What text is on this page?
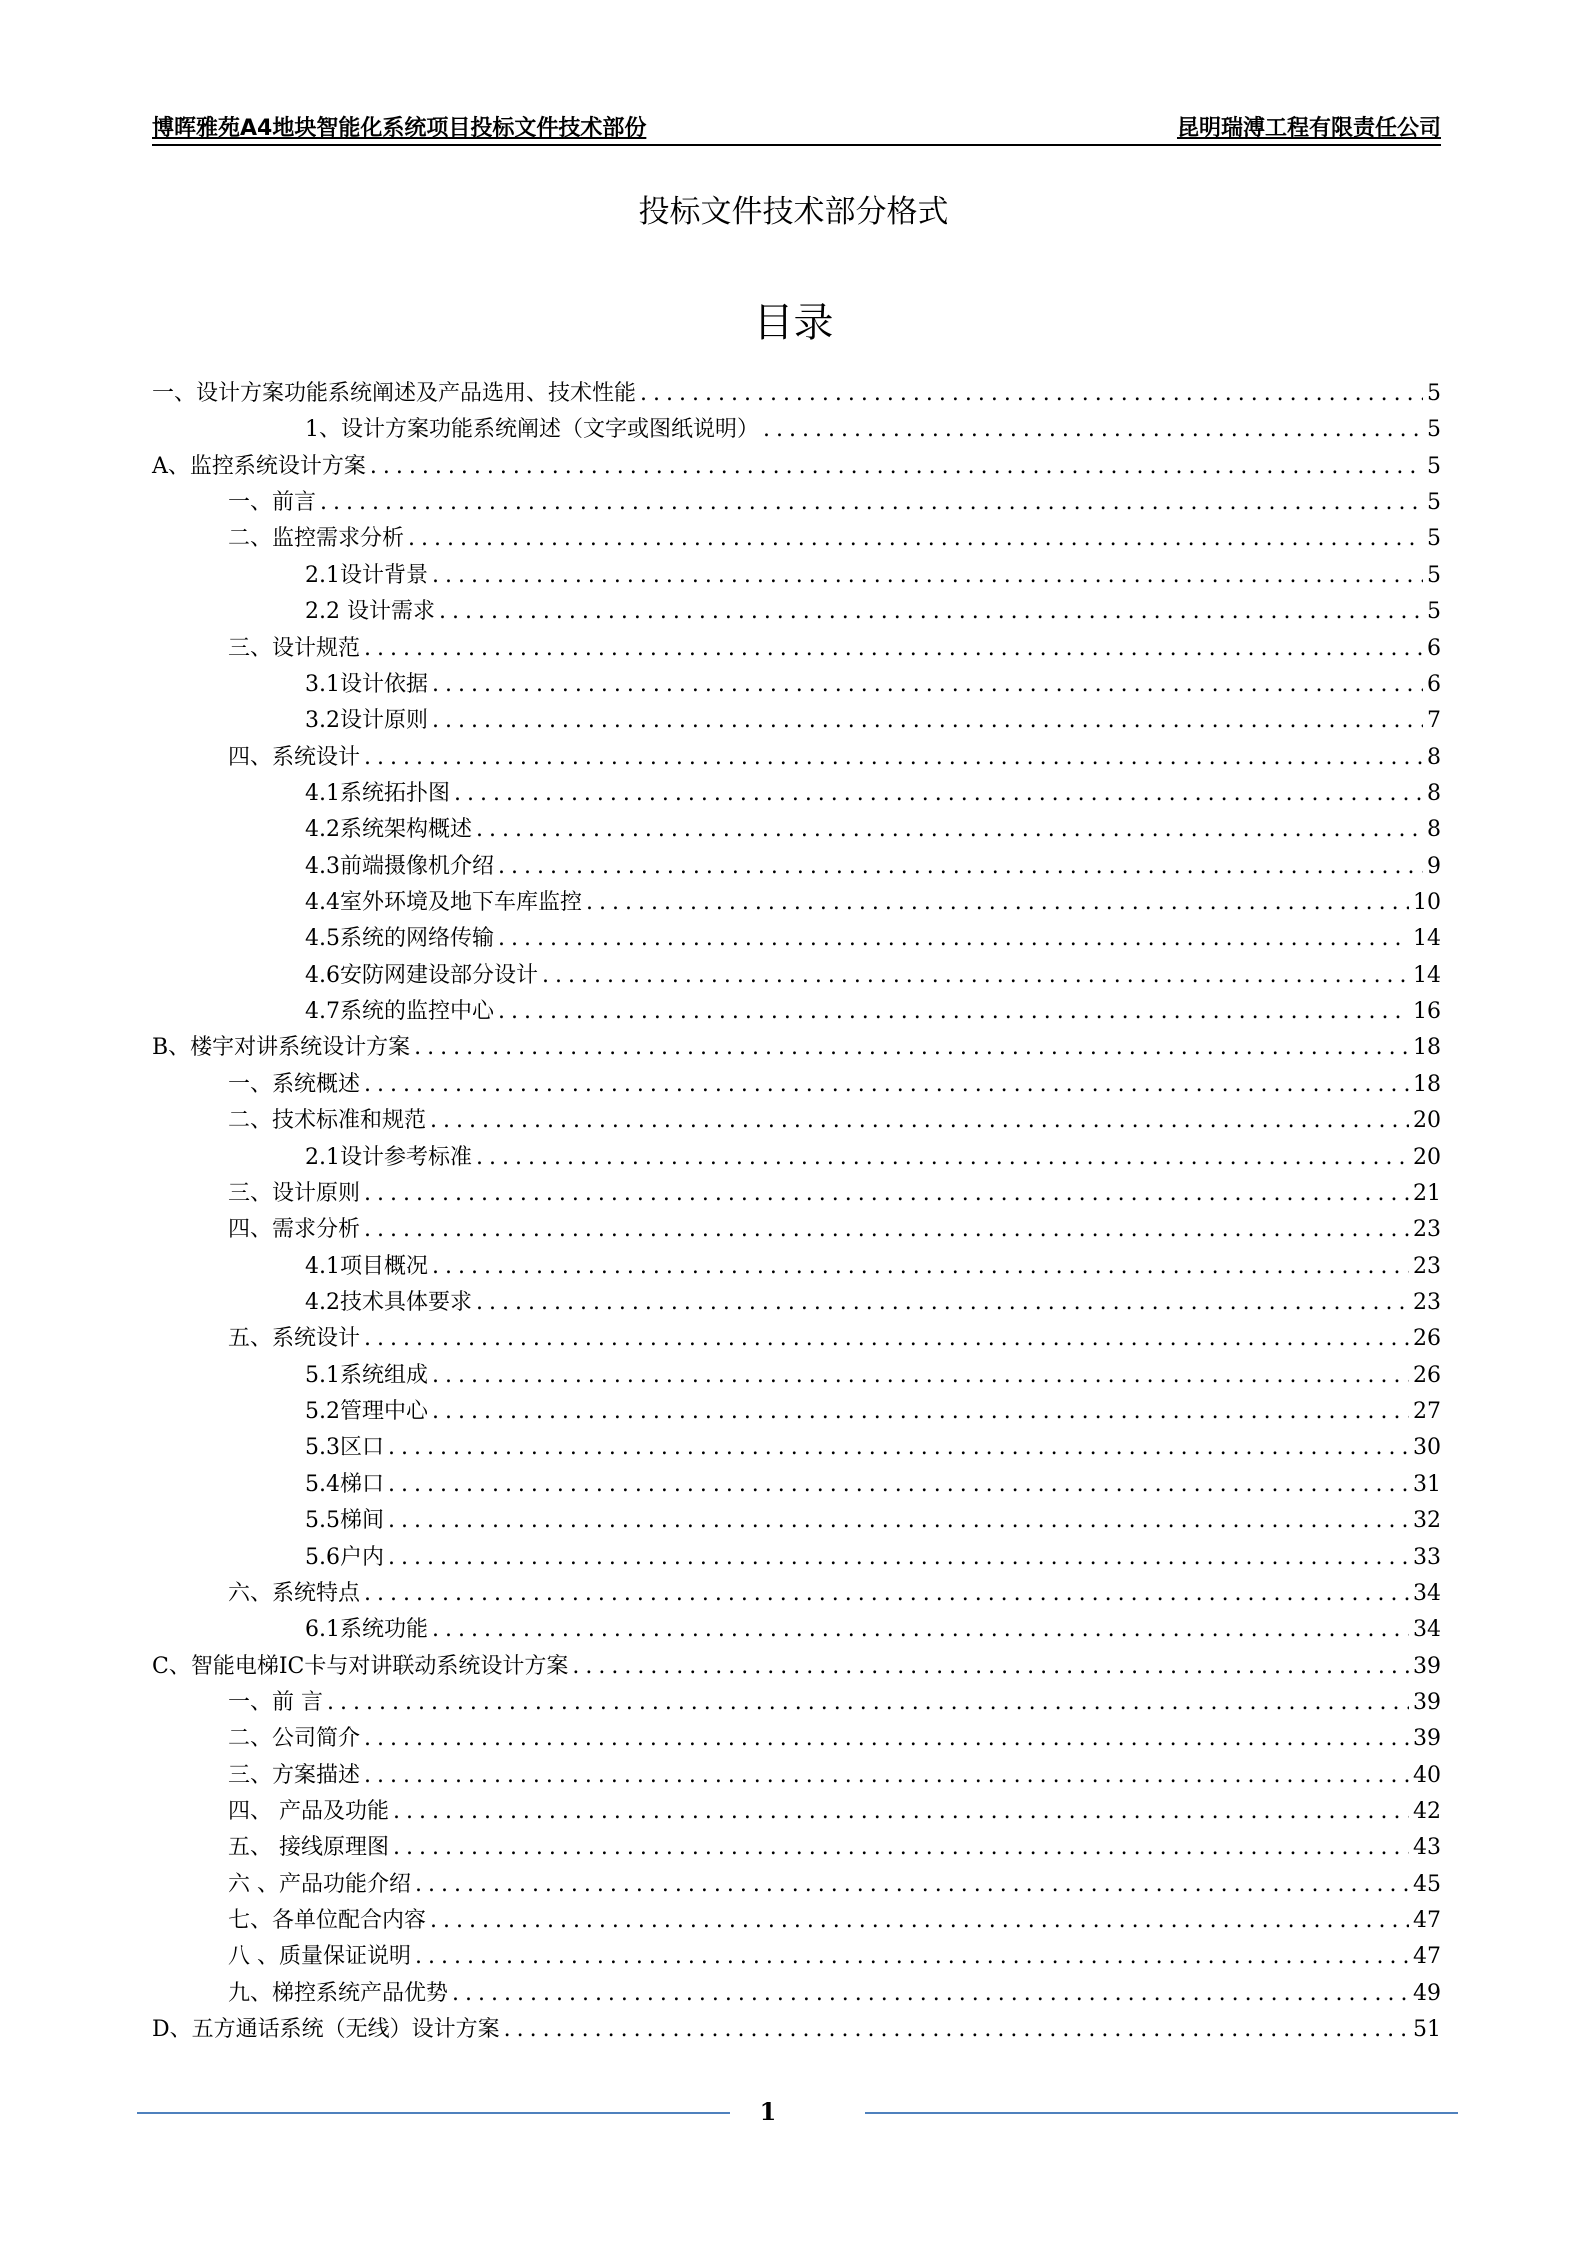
博晖雅苑A4地块智能化系统项目投标文件技术部份	昆明瑞溥工程有限责任公司
投标文件技术部分格式
目录
一、设计方案功能系统阐述及产品选用、技术性能 .....	5
1、设计方案功能系统阐述（文字或图纸说明） .....	5
A、监控系统设计方案 .....	5
一、前言 .....	5
二、监控需求分析 .....	5
2.1设计背景 .....	5
2.2 设计需求 .....	5
三、设计规范 .....	6
3.1设计依据 .....	6
3.2设计原则 .....	7
四、系统设计 .....	8
4.1系统拓扑图 .....	8
4.2系统架构概述 .....	8
4.3前端摄像机介绍 .....	9
4.4室外环境及地下车库监控 .....	10
4.5系统的网络传输 .....	14
4.6安防网建设部分设计 .....	14
4.7系统的监控中心 .....	16
B、楼宇对讲系统设计方案 .....	18
一、系统概述 .....	18
二、技术标准和规范 .....	20
2.1设计参考标准 .....	20
三、设计原则 .....	21
四、需求分析 .....	23
4.1项目概况 .....	23
4.2技术具体要求 .....	23
五、系统设计 .....	26
5.1系统组成 .....	26
5.2管理中心 .....	27
5.3区口 .....	30
5.4梯口 .....	31
5.5梯间 .....	32
5.6户内 .....	33
六、系统特点 .....	34
6.1系统功能 .....	34
C、智能电梯IC卡与对讲联动系统设计方案 .....	39
一、前 言 .....	39
二、公司简介 .....	39
三、方案描述 .....	40
四、 产品及功能 .....	42
五、 接线原理图 .....	43
六 、产品功能介绍 .....	45
七、各单位配合内容 .....	47
八 、质量保证说明 .....	47
九、梯控系统产品优势 .....	49
D、五方通话系统（无线）设计方案 .....	51
1
